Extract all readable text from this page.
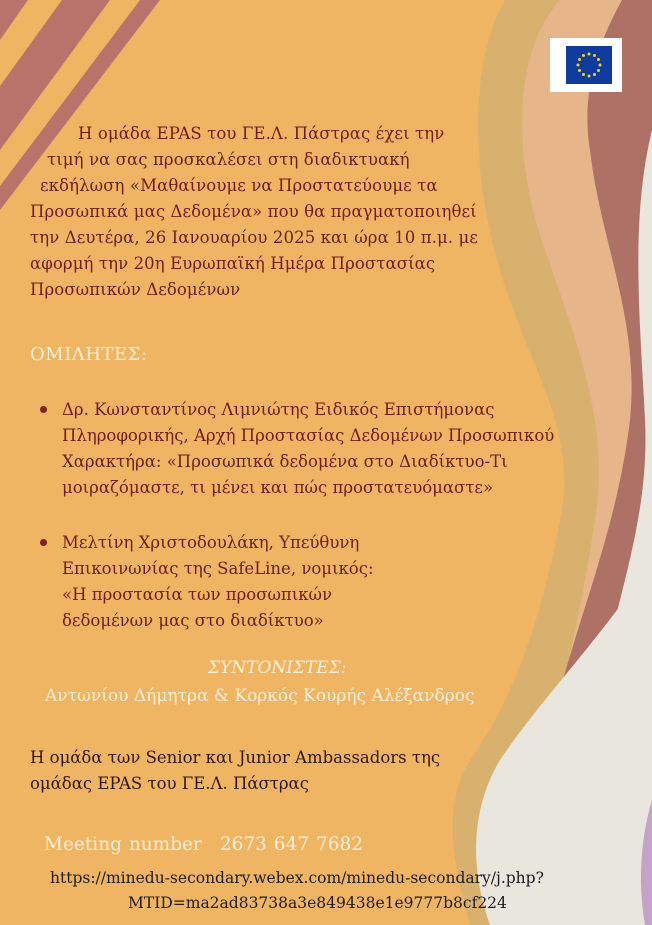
Η ομάδα EPAS του ΓΕ.Λ. Πάστρας έχει την

τιμή να σας προσκαλέσει στη διαδικτυακή

εκδήλωση «Μαθαίνουμε να Προστατεύουμε τα

Προσωπικά μας Δεδομένα» που θα πραγματοποιηθεί

την Δευτέρα, 26 Ιανουαρίου 2025 και ώρα 10 π.μ. με

αφορμή την 20η Ευρωπαϊκή Ημέρα Προστασίας

Προσωπικών Δεδομένων

ΟΜΙΛΗΤΕΣ:

Δρ. Κωνσταντίνος Λιμνιώτης Ειδικός Επιστήμονας

Πληροφορικής, Αρχή Προστασίας Δεδομένων Προσωπικού

Χαρακτήρα: «Προσωπικά δεδομένα στο Διαδίκτυο-Τι

μοιραζόμαστε, τι μένει και πώς προστατευόμαστε»

Μελτίνη Χριστοδουλάκη, Υπεύθυνη

Επικοινωνίας της SafeLine, νομικός:

«Η προστασία των προσωπικών

δεδομένων μας στο διαδίκτυο»

ΣΥΝΤΟΝΙΣΤΕΣ:

Αντωνίου Δήμητρα & Κορκός Κουρής Αλέξανδρος

Η ομάδα των Senior και Junior Ambassadors της

ομάδας EPAS του ΓΕ.Λ. Πάστρας

Meeting number 2673 647 7682

https://minedu-secondary.webex.com/minedu-secondary/j.php?

MTID=ma2ad83738a3e849438e1e9777b8cf224
